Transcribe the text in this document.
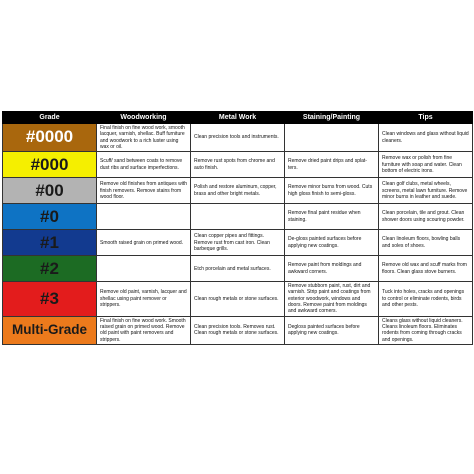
Grade	Woodworking	Metal Work	Staining/Painting	Tips
#0000	Final finish on fine wood work, smooth lacquer, varnish, shellac. Buff furniture and woodwork to a rich luster using wax or oil.	Clean precision tools and instruments.		Clean windows and glass without liquid cleaners.
#000	Scuff/ sand between coats to remove dust ribs and surface imperfections.	Remove rust spots from chrome and auto finish.	Remove dried paint drips and splat-ters.	Remove wax or polish from fine furniture with soap and water. Clean bottom of electric irons.
#00	Remove old finishes from antiques with finish removers. Remove stains from wood floor.	Polish and restore aluminum, copper, brass and other bright metals.	Remove minor burns from wood. Cuts high gloss finish to semi-gloss.	Clean golf clubs, metal wheels, screens, metal lawn furniture. Remove minor burns in leather and suede.
#0			Remove final paint residue when staining.	Clean porcelain, tile and grout. Clean shower doors using scouring powder.
#1	Smooth raised grain on primed wood.	Clean copper pipes and fittings. Remove rust from cast iron. Clean barbeque grills.	De-gloss painted surfaces before applying new coatings.	Clean linoleum floors, bowling balls and soles of shoes.
#2		Etch porcelain and metal surfaces.	Remove paint from moldings and awkward corners.	Remove old wax and scuff marks from floors. Clean glass stove burners.
#3	Remove old paint, varnish, lacquer and shellac using paint remover or strippers.	Clean rough metals or stone surfaces.	Remove stubborn paint, rust, dirt and varnish. Strip paint and coatings from exterior woodwork, windows and doors. Remove paint from moldings and awkward corners.	Tuck into holes, cracks and openings to control or eliminate rodents, birds and other pests.
Multi-Grade	Final finish on fine wood work. Smooth raised grain on primed wood. Remove old paint with paint removers and strippers.	Clean precision tools. Removes rust. Clean rough metals or stone surfaces.	Degloss painted surfaces before applying new coatings.	Cleans glass without liquid cleaners. Cleans linoleum floors. Eliminates rodents from coming through cracks and openings.
